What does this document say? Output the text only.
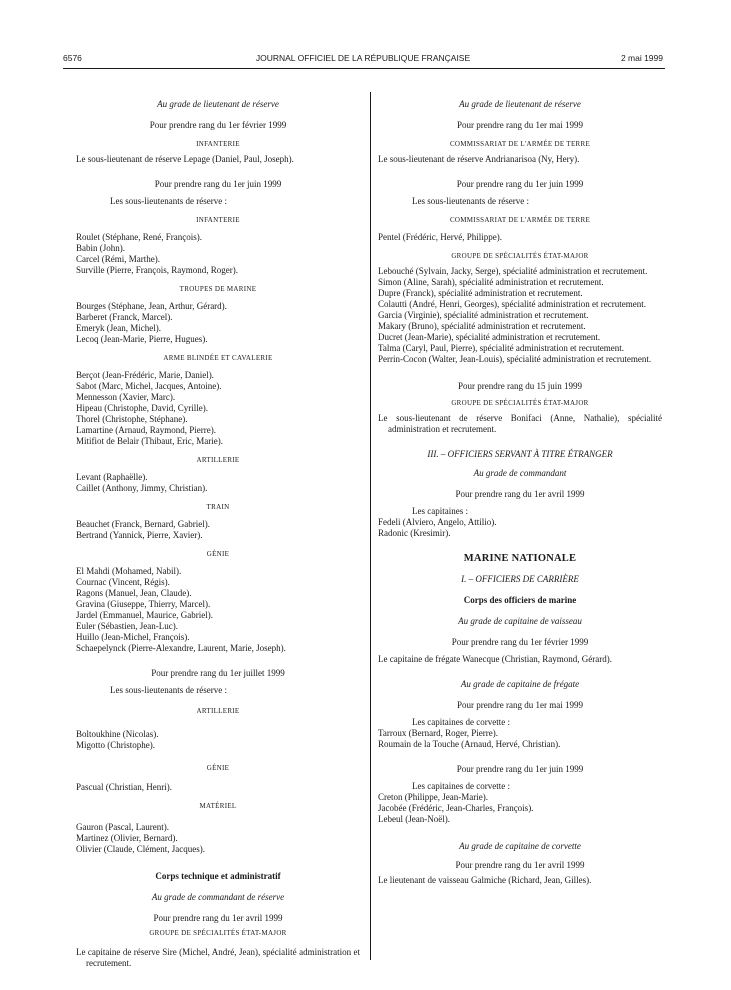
6576	JOURNAL OFFICIEL DE LA RÉPUBLIQUE FRANÇAISE	2 mai 1999
Au grade de lieutenant de réserve
Pour prendre rang du 1er février 1999
INFANTERIE
Le sous-lieutenant de réserve Lepage (Daniel, Paul, Joseph).
Pour prendre rang du 1er juin 1999
Les sous-lieutenants de réserve :
INFANTERIE
Roulet (Stéphane, René, François).
Babin (John).
Carcel (Rémi, Marthe).
Surville (Pierre, François, Raymond, Roger).
TROUPES DE MARINE
Bourges (Stéphane, Jean, Arthur, Gérard).
Barberet (Franck, Marcel).
Emeryk (Jean, Michel).
Lecoq (Jean-Marie, Pierre, Hugues).
ARME BLINDÉE ET CAVALERIE
Berçot (Jean-Frédéric, Marie, Daniel).
Sabot (Marc, Michel, Jacques, Antoine).
Mennesson (Xavier, Marc).
Hipeau (Christophe, David, Cyrille).
Thorel (Christophe, Stéphane).
Lamartine (Arnaud, Raymond, Pierre).
Mitifiot de Belair (Thibaut, Eric, Marie).
ARTILLERIE
Levant (Raphaëlle).
Caillet (Anthony, Jimmy, Christian).
TRAIN
Beauchet (Franck, Bernard, Gabriel).
Bertrand (Yannick, Pierre, Xavier).
GÉNIE
El Mahdi (Mohamed, Nabil).
Cournac (Vincent, Régis).
Ragons (Manuel, Jean, Claude).
Gravina (Giuseppe, Thierry, Marcel).
Jardel (Emmanuel, Maurice, Gabriel).
Euler (Sébastien, Jean-Luc).
Huillo (Jean-Michel, François).
Schaepelynck (Pierre-Alexandre, Laurent, Marie, Joseph).
Pour prendre rang du 1er juillet 1999
Les sous-lieutenants de réserve :
ARTILLERIE
Boltoukhine (Nicolas).
Migotto (Christophe).
GÉNIE
Pascual (Christian, Henri).
MATÉRIEL
Gauron (Pascal, Laurent).
Martinez (Olivier, Bernard).
Olivier (Claude, Clément, Jacques).
Corps technique et administratif
Au grade de commandant de réserve
Pour prendre rang du 1er avril 1999
GROUPE DE SPÉCIALITÉS ÉTAT-MAJOR
Le capitaine de réserve Sire (Michel, André, Jean), spécialité administration et recrutement.
Au grade de lieutenant de réserve
Pour prendre rang du 1er mai 1999
COMMISSARIAT DE L'ARMÉE DE TERRE
Le sous-lieutenant de réserve Andrianarisoa (Ny, Hery).
Pour prendre rang du 1er juin 1999
Les sous-lieutenants de réserve :
COMMISSARIAT DE L'ARMÉE DE TERRE
Pentel (Frédéric, Hervé, Philippe).
GROUPE DE SPÉCIALITÉS ÉTAT-MAJOR
Lebouché (Sylvain, Jacky, Serge), spécialité administration et recrutement.
Simon (Aline, Sarah), spécialité administration et recrutement.
Dupre (Franck), spécialité administration et recrutement.
Colautti (André, Henri, Georges), spécialité administration et recrutement.
Garcia (Virginie), spécialité administration et recrutement.
Makary (Bruno), spécialité administration et recrutement.
Ducret (Jean-Marie), spécialité administration et recrutement.
Talma (Caryl, Paul, Pierre), spécialité administration et recrutement.
Perrin-Cocon (Walter, Jean-Louis), spécialité administration et recrutement.
Pour prendre rang du 15 juin 1999
GROUPE DE SPÉCIALITÉS ÉTAT-MAJOR
Le sous-lieutenant de réserve Bonifaci (Anne, Nathalie), spécialité administration et recrutement.
III. – OFFICIERS SERVANT À TITRE ÉTRANGER
Au grade de commandant
Pour prendre rang du 1er avril 1999
Les capitaines :
Fedeli (Alviero, Angelo, Attilio).
Radonic (Kresimir).
MARINE NATIONALE
I. – OFFICIERS DE CARRIÈRE
Corps des officiers de marine
Au grade de capitaine de vaisseau
Pour prendre rang du 1er février 1999
Le capitaine de frégate Wanecque (Christian, Raymond, Gérard).
Au grade de capitaine de frégate
Pour prendre rang du 1er mai 1999
Les capitaines de corvette :
Tarroux (Bernard, Roger, Pierre).
Roumain de la Touche (Arnaud, Hervé, Christian).
Pour prendre rang du 1er juin 1999
Les capitaines de corvette :
Creton (Philippe, Jean-Marie).
Jacobée (Frédéric, Jean-Charles, François).
Lebeul (Jean-Noël).
Au grade de capitaine de corvette
Pour prendre rang du 1er avril 1999
Le lieutenant de vaisseau Galmiche (Richard, Jean, Gilles).
